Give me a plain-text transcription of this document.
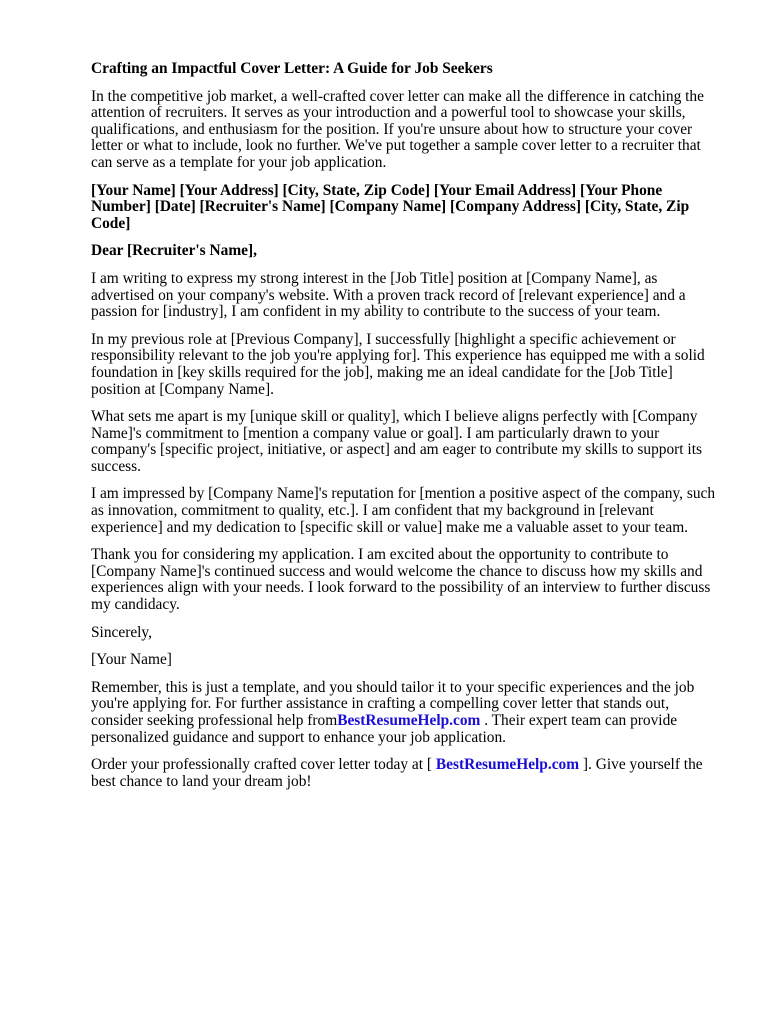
Crafting an Impactful Cover Letter: A Guide for Job Seekers

In the competitive job market, a well-crafted cover letter can make all the difference in catching the attention of recruiters. It serves as your introduction and a powerful tool to showcase your skills, qualifications, and enthusiasm for the position. If you're unsure about how to structure your cover letter or what to include, look no further. We've put together a sample cover letter to a recruiter that can serve as a template for your job application.

[Your Name] [Your Address] [City, State, Zip Code] [Your Email Address] [Your Phone Number] [Date] [Recruiter's Name] [Company Name] [Company Address] [City, State, Zip Code]

Dear [Recruiter's Name],

I am writing to express my strong interest in the [Job Title] position at [Company Name], as advertised on your company's website. With a proven track record of [relevant experience] and a passion for [industry], I am confident in my ability to contribute to the success of your team.

In my previous role at [Previous Company], I successfully [highlight a specific achievement or responsibility relevant to the job you're applying for]. This experience has equipped me with a solid foundation in [key skills required for the job], making me an ideal candidate for the [Job Title] position at [Company Name].

What sets me apart is my [unique skill or quality], which I believe aligns perfectly with [Company Name]'s commitment to [mention a company value or goal]. I am particularly drawn to your company's [specific project, initiative, or aspect] and am eager to contribute my skills to support its success.

I am impressed by [Company Name]'s reputation for [mention a positive aspect of the company, such as innovation, commitment to quality, etc.]. I am confident that my background in [relevant experience] and my dedication to [specific skill or value] make me a valuable asset to your team.

Thank you for considering my application. I am excited about the opportunity to contribute to [Company Name]'s continued success and would welcome the chance to discuss how my skills and experiences align with your needs. I look forward to the possibility of an interview to further discuss my candidacy.

Sincerely,

[Your Name]

Remember, this is just a template, and you should tailor it to your specific experiences and the job you're applying for. For further assistance in crafting a compelling cover letter that stands out, consider seeking professional help fromBestResumeHelp.com . Their expert team can provide personalized guidance and support to enhance your job application.

Order your professionally crafted cover letter today at [ BestResumeHelp.com ]. Give yourself the best chance to land your dream job!
